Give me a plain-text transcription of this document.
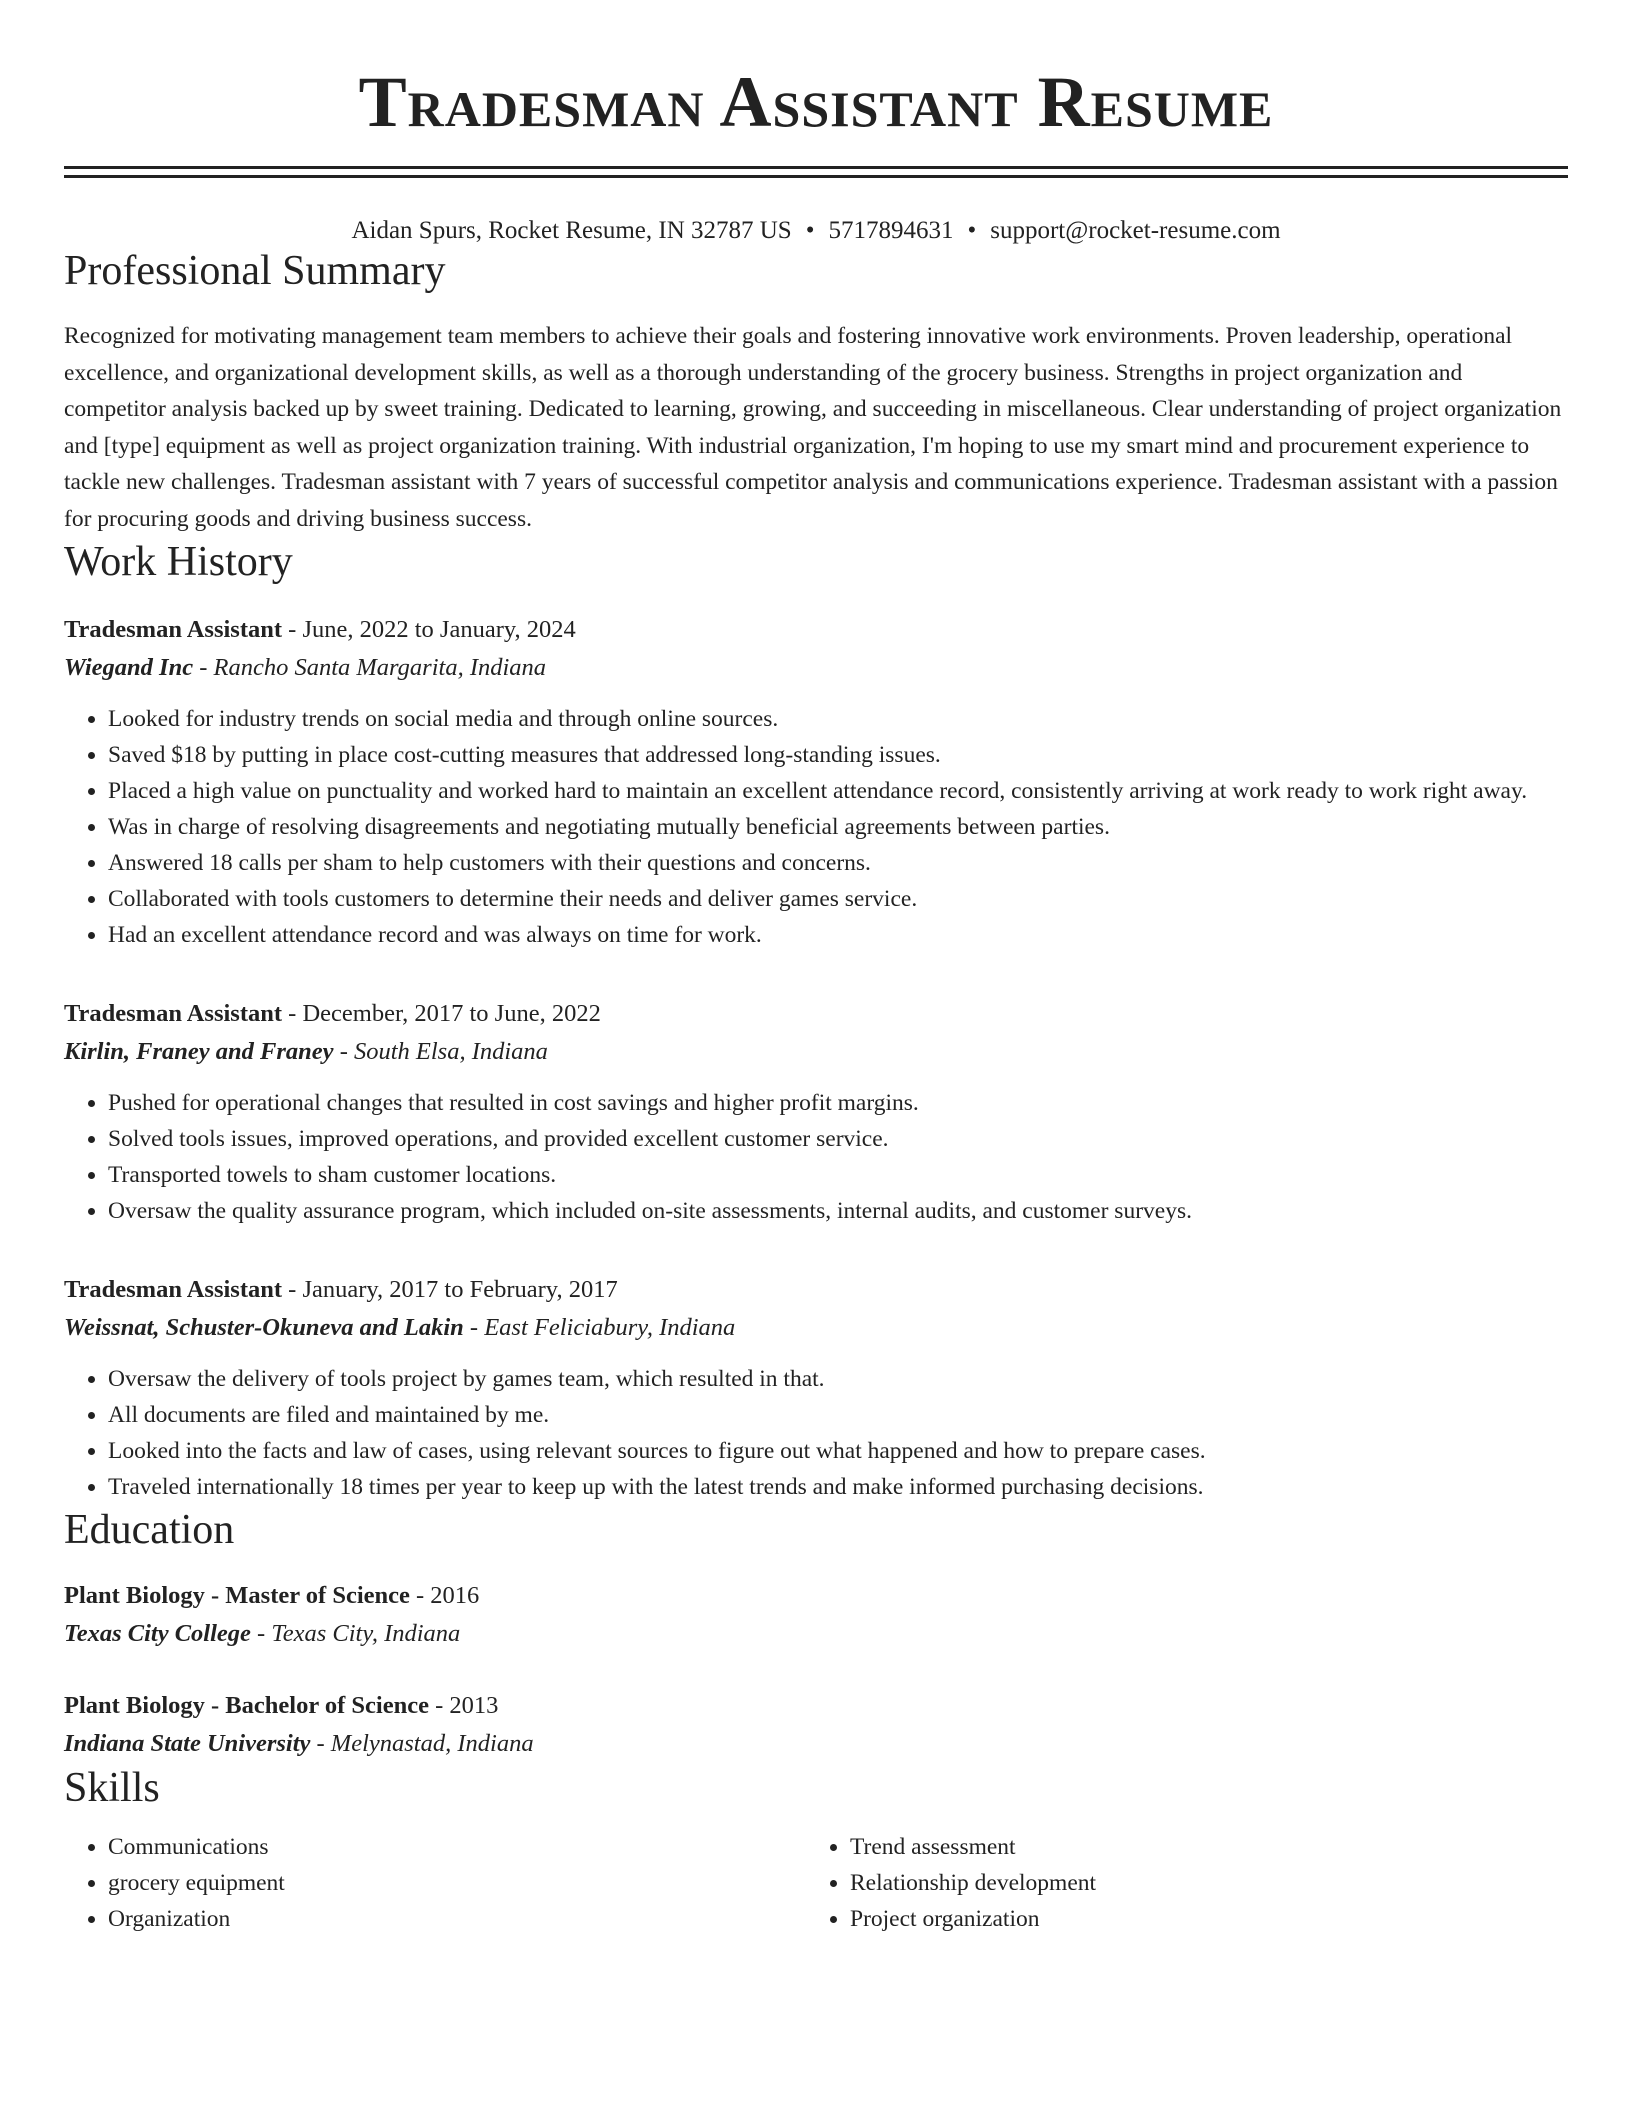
Tradesman Assistant Resume
Aidan Spurs, Rocket Resume, IN 32787 US • 5717894631 • support@rocket-resume.com
Professional Summary
Recognized for motivating management team members to achieve their goals and fostering innovative work environments. Proven leadership, operational excellence, and organizational development skills, as well as a thorough understanding of the grocery business. Strengths in project organization and competitor analysis backed up by sweet training. Dedicated to learning, growing, and succeeding in miscellaneous. Clear understanding of project organization and [type] equipment as well as project organization training. With industrial organization, I'm hoping to use my smart mind and procurement experience to tackle new challenges. Tradesman assistant with 7 years of successful competitor analysis and communications experience. Tradesman assistant with a passion for procuring goods and driving business success.
Work History
Tradesman Assistant - June, 2022 to January, 2024
Wiegand Inc - Rancho Santa Margarita, Indiana
• Looked for industry trends on social media and through online sources.
• Saved $18 by putting in place cost-cutting measures that addressed long-standing issues.
• Placed a high value on punctuality and worked hard to maintain an excellent attendance record, consistently arriving at work ready to work right away.
• Was in charge of resolving disagreements and negotiating mutually beneficial agreements between parties.
• Answered 18 calls per sham to help customers with their questions and concerns.
• Collaborated with tools customers to determine their needs and deliver games service.
• Had an excellent attendance record and was always on time for work.
Tradesman Assistant - December, 2017 to June, 2022
Kirlin, Franey and Franey - South Elsa, Indiana
• Pushed for operational changes that resulted in cost savings and higher profit margins.
• Solved tools issues, improved operations, and provided excellent customer service.
• Transported towels to sham customer locations.
• Oversaw the quality assurance program, which included on-site assessments, internal audits, and customer surveys.
Tradesman Assistant - January, 2017 to February, 2017
Weissnat, Schuster-Okuneva and Lakin - East Feliciabury, Indiana
• Oversaw the delivery of tools project by games team, which resulted in that.
• All documents are filed and maintained by me.
• Looked into the facts and law of cases, using relevant sources to figure out what happened and how to prepare cases.
• Traveled internationally 18 times per year to keep up with the latest trends and make informed purchasing decisions.
Education
Plant Biology - Master of Science - 2016
Texas City College - Texas City, Indiana
Plant Biology - Bachelor of Science - 2013
Indiana State University - Melynastad, Indiana
Skills
• Communications
• grocery equipment
• Organization
• Trend assessment
• Relationship development
• Project organization
